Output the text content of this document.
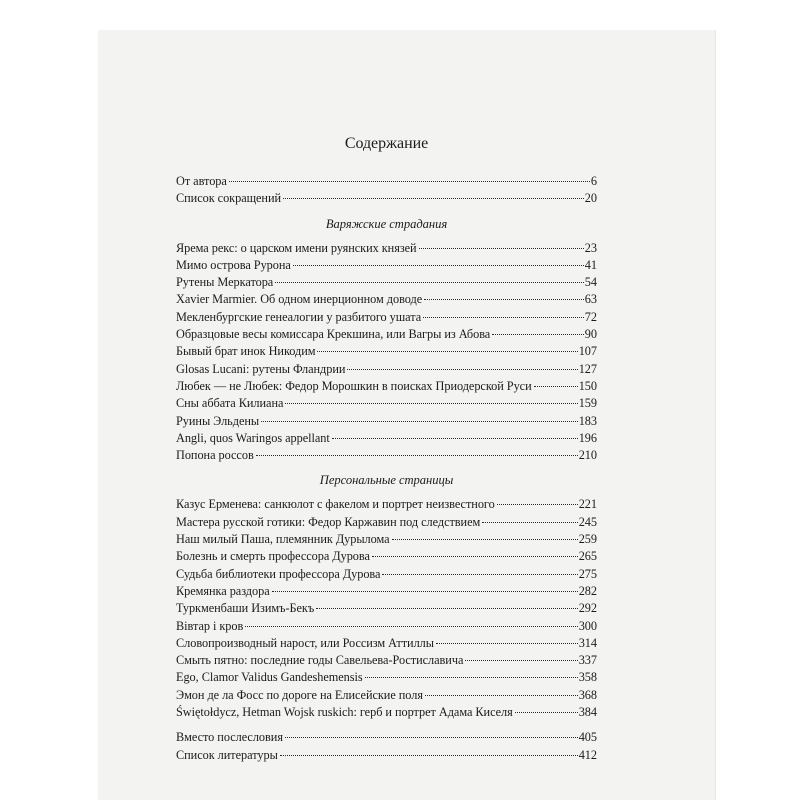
Содержание
От автора	6
Список сокращений	20
Варяжские страдания
Ярема рекс: о царском имени руянских князей	23
Мимо острова Рурона	41
Рутены Меркатора	54
Xavier Marmier. Об одном инерционном доводе	63
Мекленбургские генеалогии у разбитого ушата	72
Образцовые весы комиссара Крекшина, или Вагры из Абова	90
Бывый брат инок Никодим	107
Glosas Lucani: рутены Фландрии	127
Любек — не Любек: Федор Морошкин в поисках Приодерской Руси	150
Сны аббата Килиана	159
Руины Эльдены	183
Angli, quos Waringos appellant	196
Попона россов	210
Персональные страницы
Казус Ерменева: санкюлот с факелом и портрет неизвестного	221
Мастера русской готики: Федор Каржавин под следствием	245
Наш милый Паша, племянник Дурылома	259
Болезнь и смерть профессора Дурова	265
Судьба библиотеки профессора Дурова	275
Кремянка раздора	282
Туркменбаши Изимъ-Бекъ	292
Вiвтар i кров	300
Словопроизводный нарост, или Россизм Аттиллы	314
Смыть пятно: последние годы Савельева-Ростиславича	337
Ego, Clamor Validus Gandeshemensis	358
Эмон де ла Фосс по дороге на Елисейские поля	368
Świętołdycz, Hetman Wojsk ruskich: герб и портрет Адама Киселя	384
Вместо послесловия	405
Список литературы	412
